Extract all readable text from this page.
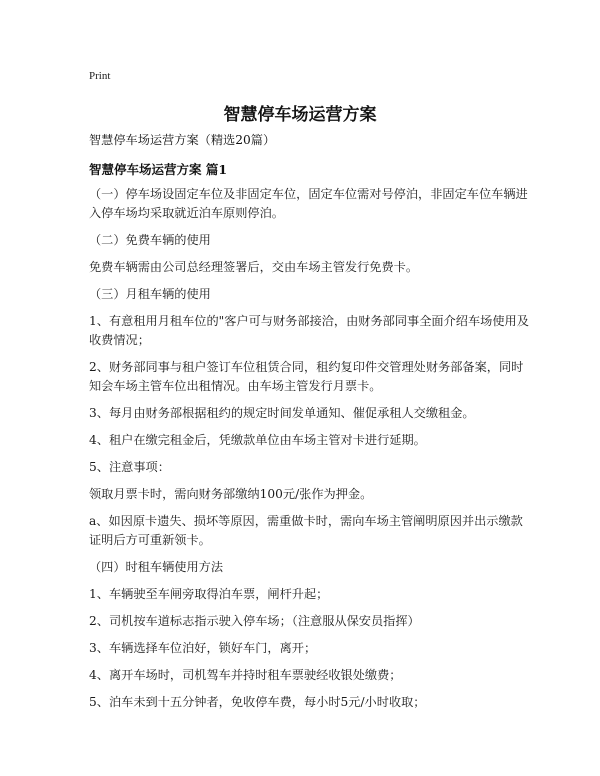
Print
智慧停车场运营方案

智慧停车场运营方案（精选20篇）

智慧停车场运营方案 篇1

（一）停车场设固定车位及非固定车位，固定车位需对号停泊，非固定车位车辆进入停车场均采取就近泊车原则停泊。

（二）免费车辆的使用

免费车辆需由公司总经理签署后，交由车场主管发行免费卡。

（三）月租车辆的使用

1、有意租用月租车位的"客户可与财务部接洽，由财务部同事全面介绍车场使用及收费情况；

2、财务部同事与租户签订车位租赁合同，租约复印件交管理处财务部备案，同时知会车场主管车位出租情况。由车场主管发行月票卡。

3、每月由财务部根据租约的规定时间发单通知、催促承租人交缴租金。

4、租户在缴完租金后，凭缴款单位由车场主管对卡进行延期。

5、注意事项：

领取月票卡时，需向财务部缴纳100元/张作为押金。

a、如因原卡遗失、损坏等原因，需重做卡时，需向车场主管阐明原因并出示缴款证明后方可重新领卡。

（四）时租车辆使用方法

1、车辆驶至车闸旁取得泊车票，闸杆升起；

2、司机按车道标志指示驶入停车场；（注意服从保安员指挥）

3、车辆选择车位泊好，锁好车门，离开；

4、离开车场时，司机驾车并持时租车票驶经收银处缴费；

5、泊车未到十五分钟者，免收停车费，每小时5元/小时收取；
